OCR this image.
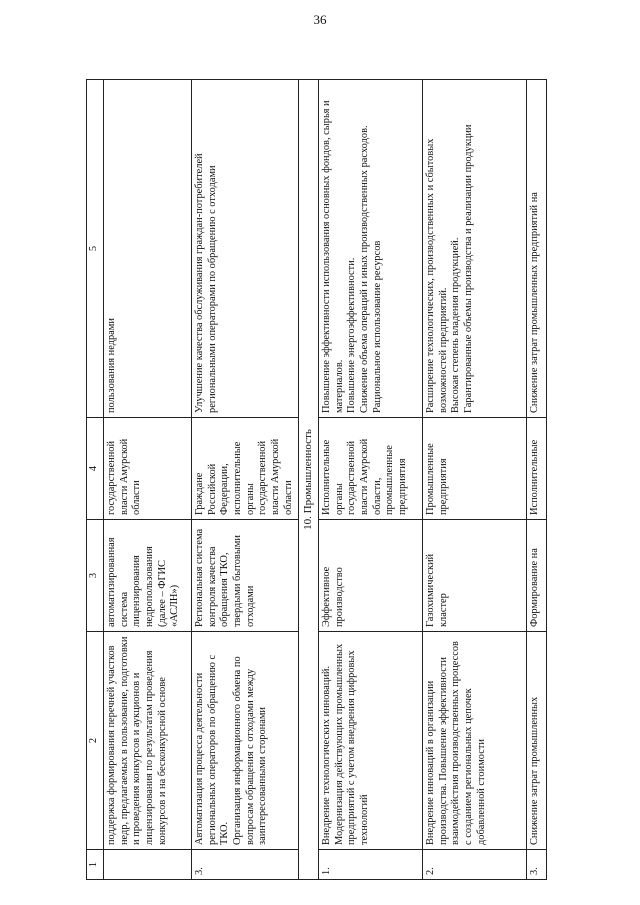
36
1	2	3	4	5

	поддержка формирования перечней участков недр, предлагаемых в пользование, подготовки и проведения конкурсов и аукционов и лицензирования по результатам проведения конкурсов и на бесконкурсной основе	автоматизированная система лицензирования недропользования (далее – ФГИС «АСЛН»)	государственной власти Амурской области	пользования недрами

3.	Автоматизация процесса деятельности региональных операторов по обращению с ТКО.
Организация информационного обмена по вопросам обращения с отходами между заинтересованными сторонами	Региональная система контроля качества обращения ТКО, твердыми бытовыми отходами	Граждане Российской Федерации, исполнительные органы государственной власти Амурской области	Улучшение качества обслуживания граждан-потребителей региональными операторами по обращению с отходами

10. Промышленность				
1.	Внедрение технологических инноваций.
Модернизация действующих промышленных предприятий с учетом внедрения цифровых технологий	Эффективное производство	Исполнительные органы государственной власти Амурской области, промышленные предприятия	Повышение эффективности использования основных фондов, сырья и материалов.
Повышение энергоэффективности.
Снижение объема операций и иных производственных расходов.
Рациональное использование ресурсов

2.	Внедрение инноваций в организации производства. Повышение эффективности взаимодействия производственных процессов с созданием региональных цепочек добавленной стоимости	Газохимический кластер	Промышленные предприятия	Расширение технологических, производственных и сбытовых возможностей предприятий.
Высокая степень владения продукцией.
Гарантированные объемы производства и реализации продукции

3.	Снижение затрат промышленных	Формирование на	Исполнительные	Снижение затрат промышленных предприятий на
